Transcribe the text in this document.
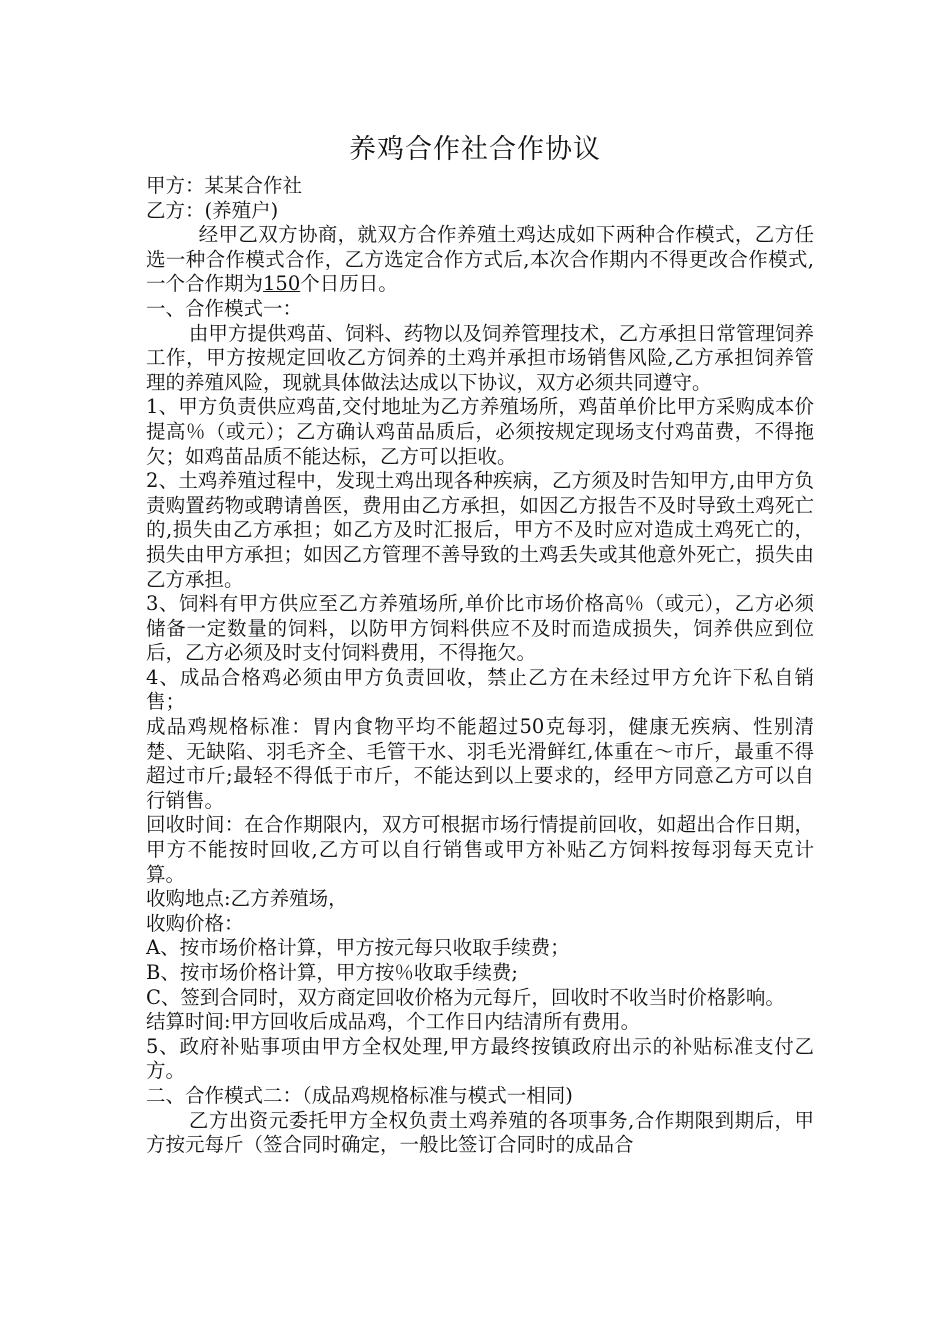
养鸡合作社合作协议

甲方：某某合作社

乙方：(养殖户)

经甲乙双方协商，就双方合作养殖土鸡达成如下两种合作模式，乙方任选一种合作模式合作，乙方选定合作方式后,本次合作期内不得更改合作模式,一个合作期为150个日历日。

一、合作模式一：

由甲方提供鸡苗、饲料、药物以及饲养管理技术，乙方承担日常管理饲养工作，甲方按规定回收乙方饲养的土鸡并承担市场销售风险,乙方承担饲养管理的养殖风险，现就具体做法达成以下协议，双方必须共同遵守。

1、甲方负责供应鸡苗,交付地址为乙方养殖场所，鸡苗单价比甲方采购成本价提高％（或元）；乙方确认鸡苗品质后，必须按规定现场支付鸡苗费，不得拖欠；如鸡苗品质不能达标，乙方可以拒收。

2、土鸡养殖过程中，发现土鸡出现各种疾病，乙方须及时告知甲方,由甲方负责购置药物或聘请兽医，费用由乙方承担，如因乙方报告不及时导致土鸡死亡的,损失由乙方承担；如乙方及时汇报后，甲方不及时应对造成土鸡死亡的，损失由甲方承担；如因乙方管理不善导致的土鸡丢失或其他意外死亡，损失由乙方承担。

3、饲料有甲方供应至乙方养殖场所,单价比市场价格高％（或元），乙方必须储备一定数量的饲料，以防甲方饲料供应不及时而造成损失，饲养供应到位后，乙方必须及时支付饲料费用，不得拖欠。

4、成品合格鸡必须由甲方负责回收，禁止乙方在未经过甲方允许下私自销售；

成品鸡规格标准：胃内食物平均不能超过50克每羽，健康无疾病、性别清楚、无缺陷、羽毛齐全、毛管干水、羽毛光滑鲜红,体重在～市斤，最重不得超过市斤;最轻不得低于市斤，不能达到以上要求的，经甲方同意乙方可以自行销售。

回收时间：在合作期限内，双方可根据市场行情提前回收，如超出合作日期，甲方不能按时回收,乙方可以自行销售或甲方补贴乙方饲料按每羽每天克计算。

收购地点:乙方养殖场，

收购价格：

A、按市场价格计算，甲方按元每只收取手续费；

B、按市场价格计算，甲方按％收取手续费;

C、签到合同时，双方商定回收价格为元每斤，回收时不收当时价格影响。

结算时间:甲方回收后成品鸡，个工作日内结清所有费用。

5、政府补贴事项由甲方全权处理,甲方最终按镇政府出示的补贴标准支付乙方。

二、合作模式二：（成品鸡规格标准与模式一相同)

乙方出资元委托甲方全权负责土鸡养殖的各项事务,合作期限到期后，甲方按元每斤（签合同时确定，一般比签订合同时的成品合
